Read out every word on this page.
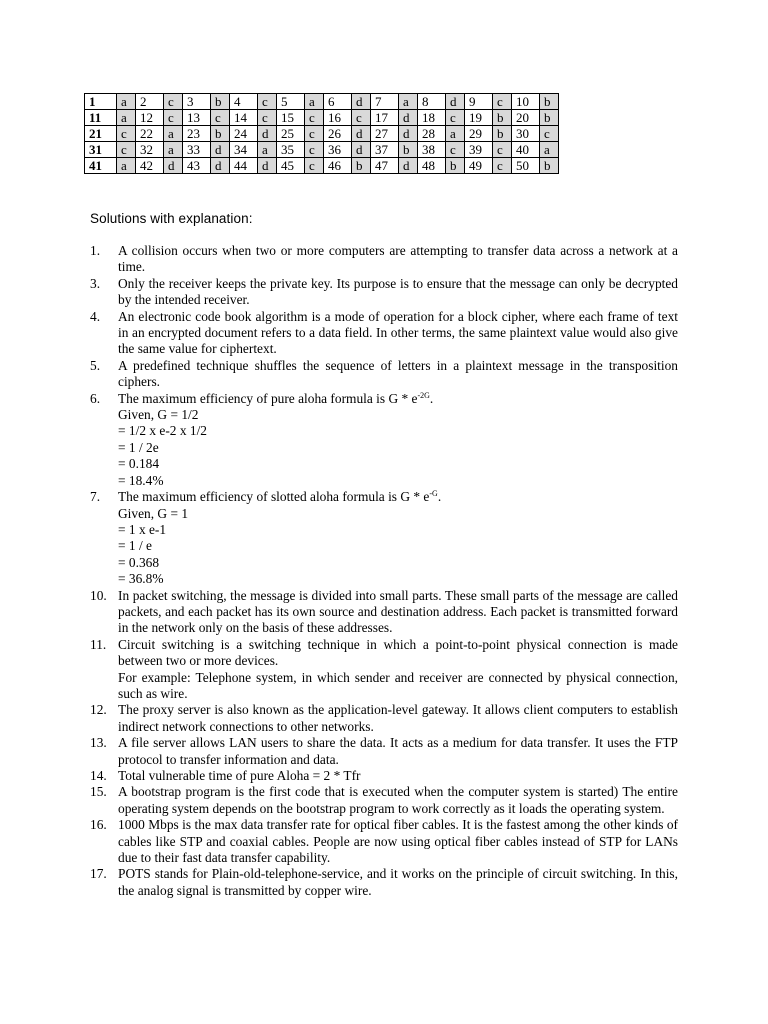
1	a	2	c	3	b	4	c	5	a	6	d	7	a	8	d	9	c	10	b
11	a	12	c	13	c	14	c	15	c	16	c	17	d	18	c	19	b	20	b
21	c	22	a	23	b	24	d	25	c	26	d	27	d	28	a	29	b	30	c
31	c	32	a	33	d	34	a	35	c	36	d	37	b	38	c	39	c	40	a
41	a	42	d	43	d	44	d	45	c	46	b	47	d	48	b	49	c	50	b
Solutions with explanation:
1.	A collision occurs when two or more computers are attempting to transfer data across a network at a time.
3.	Only the receiver keeps the private key. Its purpose is to ensure that the message can only be decrypted by the intended receiver.
4.	An electronic code book algorithm is a mode of operation for a block cipher, where each frame of text in an encrypted document refers to a data field. In other terms, the same plaintext value would also give the same value for ciphertext.
5.	A predefined technique shuffles the sequence of letters in a plaintext message in the transposition ciphers.
6.	The maximum efficiency of pure aloha formula is G * $e^{-2G}$.
Given, G = 1/2
= 1/2 x e-2 x 1/2
= 1 / 2e
= 0.184
= 18.4%
7.	The maximum efficiency of slotted aloha formula is G * $e^{-G}$.
Given, G = 1
= 1 x e-1
= 1 / e
= 0.368
= 36.8%
10. In packet switching, the message is divided into small parts. These small parts of the message are called packets, and each packet has its own source and destination address. Each packet is transmitted forward in the network only on the basis of these addresses.
11. Circuit switching is a switching technique in which a point-to-point physical connection is made between two or more devices.
For example: Telephone system, in which sender and receiver are connected by physical connection, such as wire.
12. The proxy server is also known as the application-level gateway. It allows client computers to establish indirect network connections to other networks.
13. A file server allows LAN users to share the data. It acts as a medium for data transfer. It uses the FTP protocol to transfer information and data.
14. Total vulnerable time of pure Aloha = 2 * Tfr
15. A bootstrap program is the first code that is executed when the computer system is started) The entire operating system depends on the bootstrap program to work correctly as it loads the operating system.
16. 1000 Mbps is the max data transfer rate for optical fiber cables. It is the fastest among the other kinds of cables like STP and coaxial cables. People are now using optical fiber cables instead of STP for LANs due to their fast data transfer capability.
17. POTS stands for Plain-old-telephone-service, and it works on the principle of circuit switching. In this, the analog signal is transmitted by copper wire.
